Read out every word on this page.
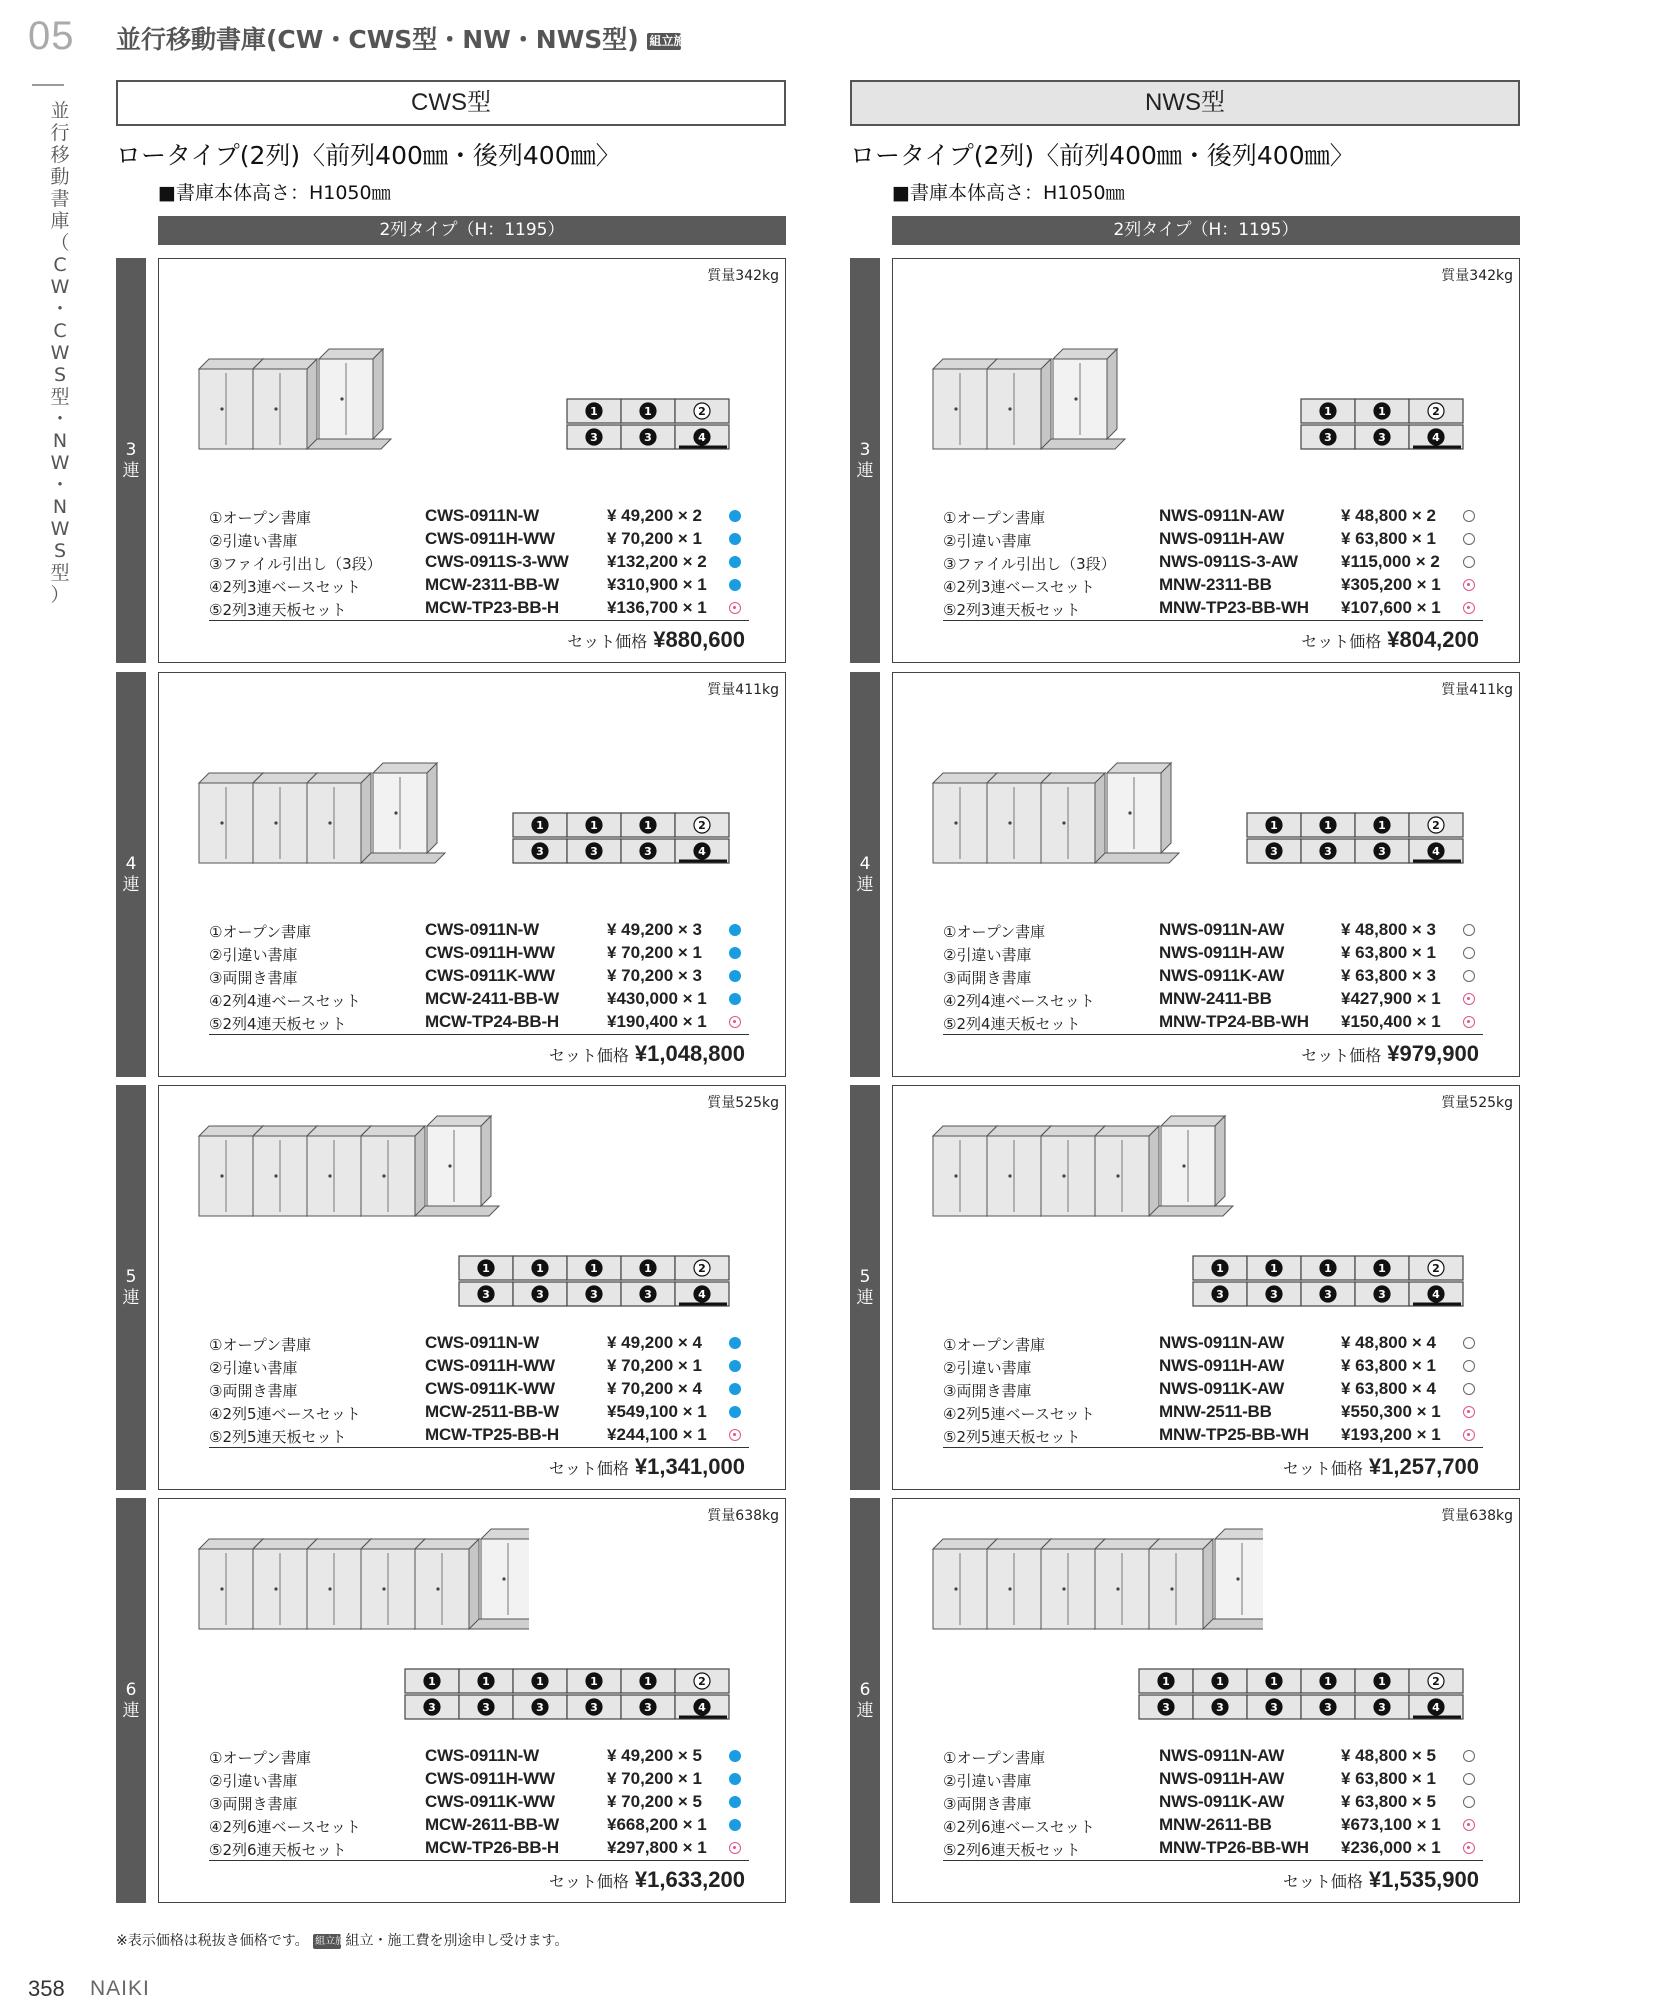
05
並
行
移
動
書
庫
（
C
W
・
C
W
S
型
・
N
W
・
N
W
S
型
）
並行移動書庫(CW・CWS型・NW・NWS型) 組立施工
CWS型
ロータイプ(2列)〈前列400㎜・後列400㎜〉
■書庫本体高さ：H1050㎜
2列タイプ（H：1195）
3
連
質量342kg
1	1	2
3	3	4
①オープン書庫	CWS-0911N-W	¥ 49,200 × 2
②引違い書庫	CWS-0911H-WW	¥ 70,200 × 1
③ファイル引出し（3段）	CWS-0911S-3-WW ¥132,200 × 2
④2列3連ベースセット	MCW-2311-BB-W	¥310,900 × 1
⑤2列3連天板セット	MCW-TP23-BB-H	¥136,700 × 1
セット価格 ¥880,600
4
連
質量411kg
1	1	1	2
3	3	3	4
①オープン書庫	CWS-0911N-W	¥ 49,200 × 3
②引違い書庫	CWS-0911H-WW	¥ 70,200 × 1
③両開き書庫	CWS-0911K-WW	¥ 70,200 × 3
④2列4連ベースセット	MCW-2411-BB-W	¥430,000 × 1
⑤2列4連天板セット	MCW-TP24-BB-H	¥190,400 × 1
セット価格 ¥1,048,800
5
連
質量525kg
1	1	1	1	2
3	3	3	3	4
①オープン書庫	CWS-0911N-W	¥ 49,200 × 4
②引違い書庫	CWS-0911H-WW	¥ 70,200 × 1
③両開き書庫	CWS-0911K-WW	¥ 70,200 × 4
④2列5連ベースセット	MCW-2511-BB-W	¥549,100 × 1
⑤2列5連天板セット	MCW-TP25-BB-H	¥244,100 × 1
セット価格 ¥1,341,000
6
連
質量638kg
1	1	1	1	1	2
3	3	3	3	3	4
①オープン書庫	CWS-0911N-W	¥ 49,200 × 5
②引違い書庫	CWS-0911H-WW	¥ 70,200 × 1
③両開き書庫	CWS-0911K-WW	¥ 70,200 × 5
④2列6連ベースセット	MCW-2611-BB-W	¥668,200 × 1
⑤2列6連天板セット	MCW-TP26-BB-H	¥297,800 × 1
セット価格 ¥1,633,200
NWS型
ロータイプ(2列)〈前列400㎜・後列400㎜〉
■書庫本体高さ：H1050㎜
2列タイプ（H：1195）
3
連
質量342kg
1	1	2
3	3	4
①オープン書庫	NWS-0911N-AW	¥ 48,800 × 2
②引違い書庫	NWS-0911H-AW	¥ 63,800 × 1
③ファイル引出し（3段）	NWS-0911S-3-AW	¥115,000 × 2
④2列3連ベースセット	MNW-2311-BB	¥305,200 × 1
⑤2列3連天板セット	MNW-TP23-BB-WH ¥107,600 × 1
セット価格 ¥804,200
4
連
質量411kg
1	1	1	2
3	3	3	4
①オープン書庫	NWS-0911N-AW	¥ 48,800 × 3
②引違い書庫	NWS-0911H-AW	¥ 63,800 × 1
③両開き書庫	NWS-0911K-AW	¥ 63,800 × 3
④2列4連ベースセット	MNW-2411-BB	¥427,900 × 1
⑤2列4連天板セット	MNW-TP24-BB-WH ¥150,400 × 1
セット価格 ¥979,900
5
連
質量525kg
1	1	1	1	2
3	3	3	3	4
①オープン書庫	NWS-0911N-AW	¥ 48,800 × 4
②引違い書庫	NWS-0911H-AW	¥ 63,800 × 1
③両開き書庫	NWS-0911K-AW	¥ 63,800 × 4
④2列5連ベースセット	MNW-2511-BB	¥550,300 × 1
⑤2列5連天板セット	MNW-TP25-BB-WH ¥193,200 × 1
セット価格 ¥1,257,700
6
連
質量638kg
1	1	1	1	1	2
3	3	3	3	3	4
①オープン書庫	NWS-0911N-AW	¥ 48,800 × 5
②引違い書庫	NWS-0911H-AW	¥ 63,800 × 1
③両開き書庫	NWS-0911K-AW	¥ 63,800 × 5
④2列6連ベースセット	MNW-2611-BB	¥673,100 × 1
⑤2列6連天板セット	MNW-TP26-BB-WH ¥236,000 × 1
セット価格 ¥1,535,900
※表示価格は税抜き価格です。 組立施工 組立・施工費を別途申し受けます。
358 NAIKI
